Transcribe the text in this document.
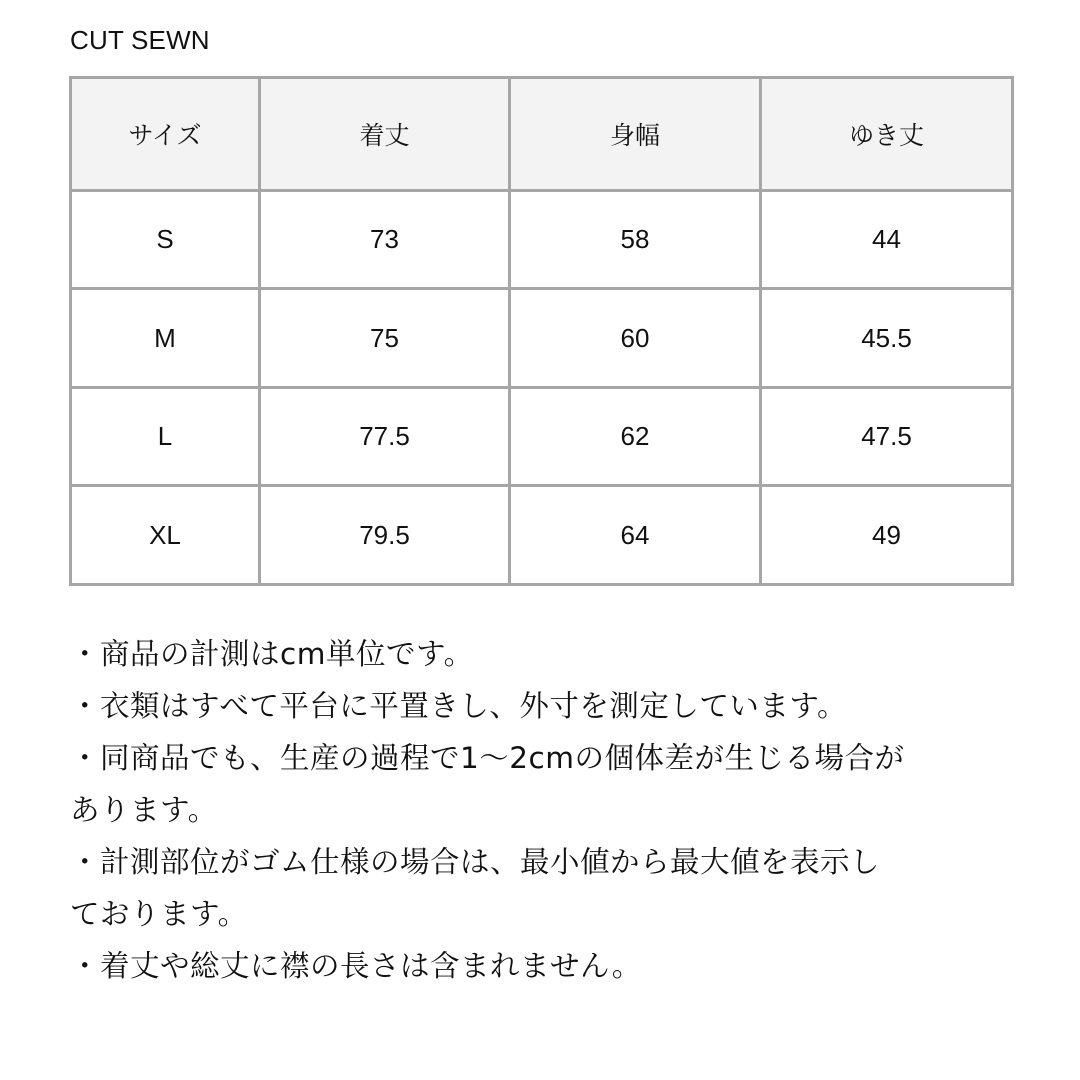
CUT SEWN
サイズ	着丈	身幅	ゆき丈
S	73	58	44
M	75	60	45.5
L	77.5	62	47.5
XL	79.5	64	49

・商品の計測はcm単位です。

・衣類はすべて平台に平置きし、外寸を測定しています。

・同商品でも、生産の過程で1〜2cmの個体差が生じる場合が
あります。

・計測部位がゴム仕様の場合は、最小値から最大値を表示し
ております。

・着丈や総丈に襟の長さは含まれません。
